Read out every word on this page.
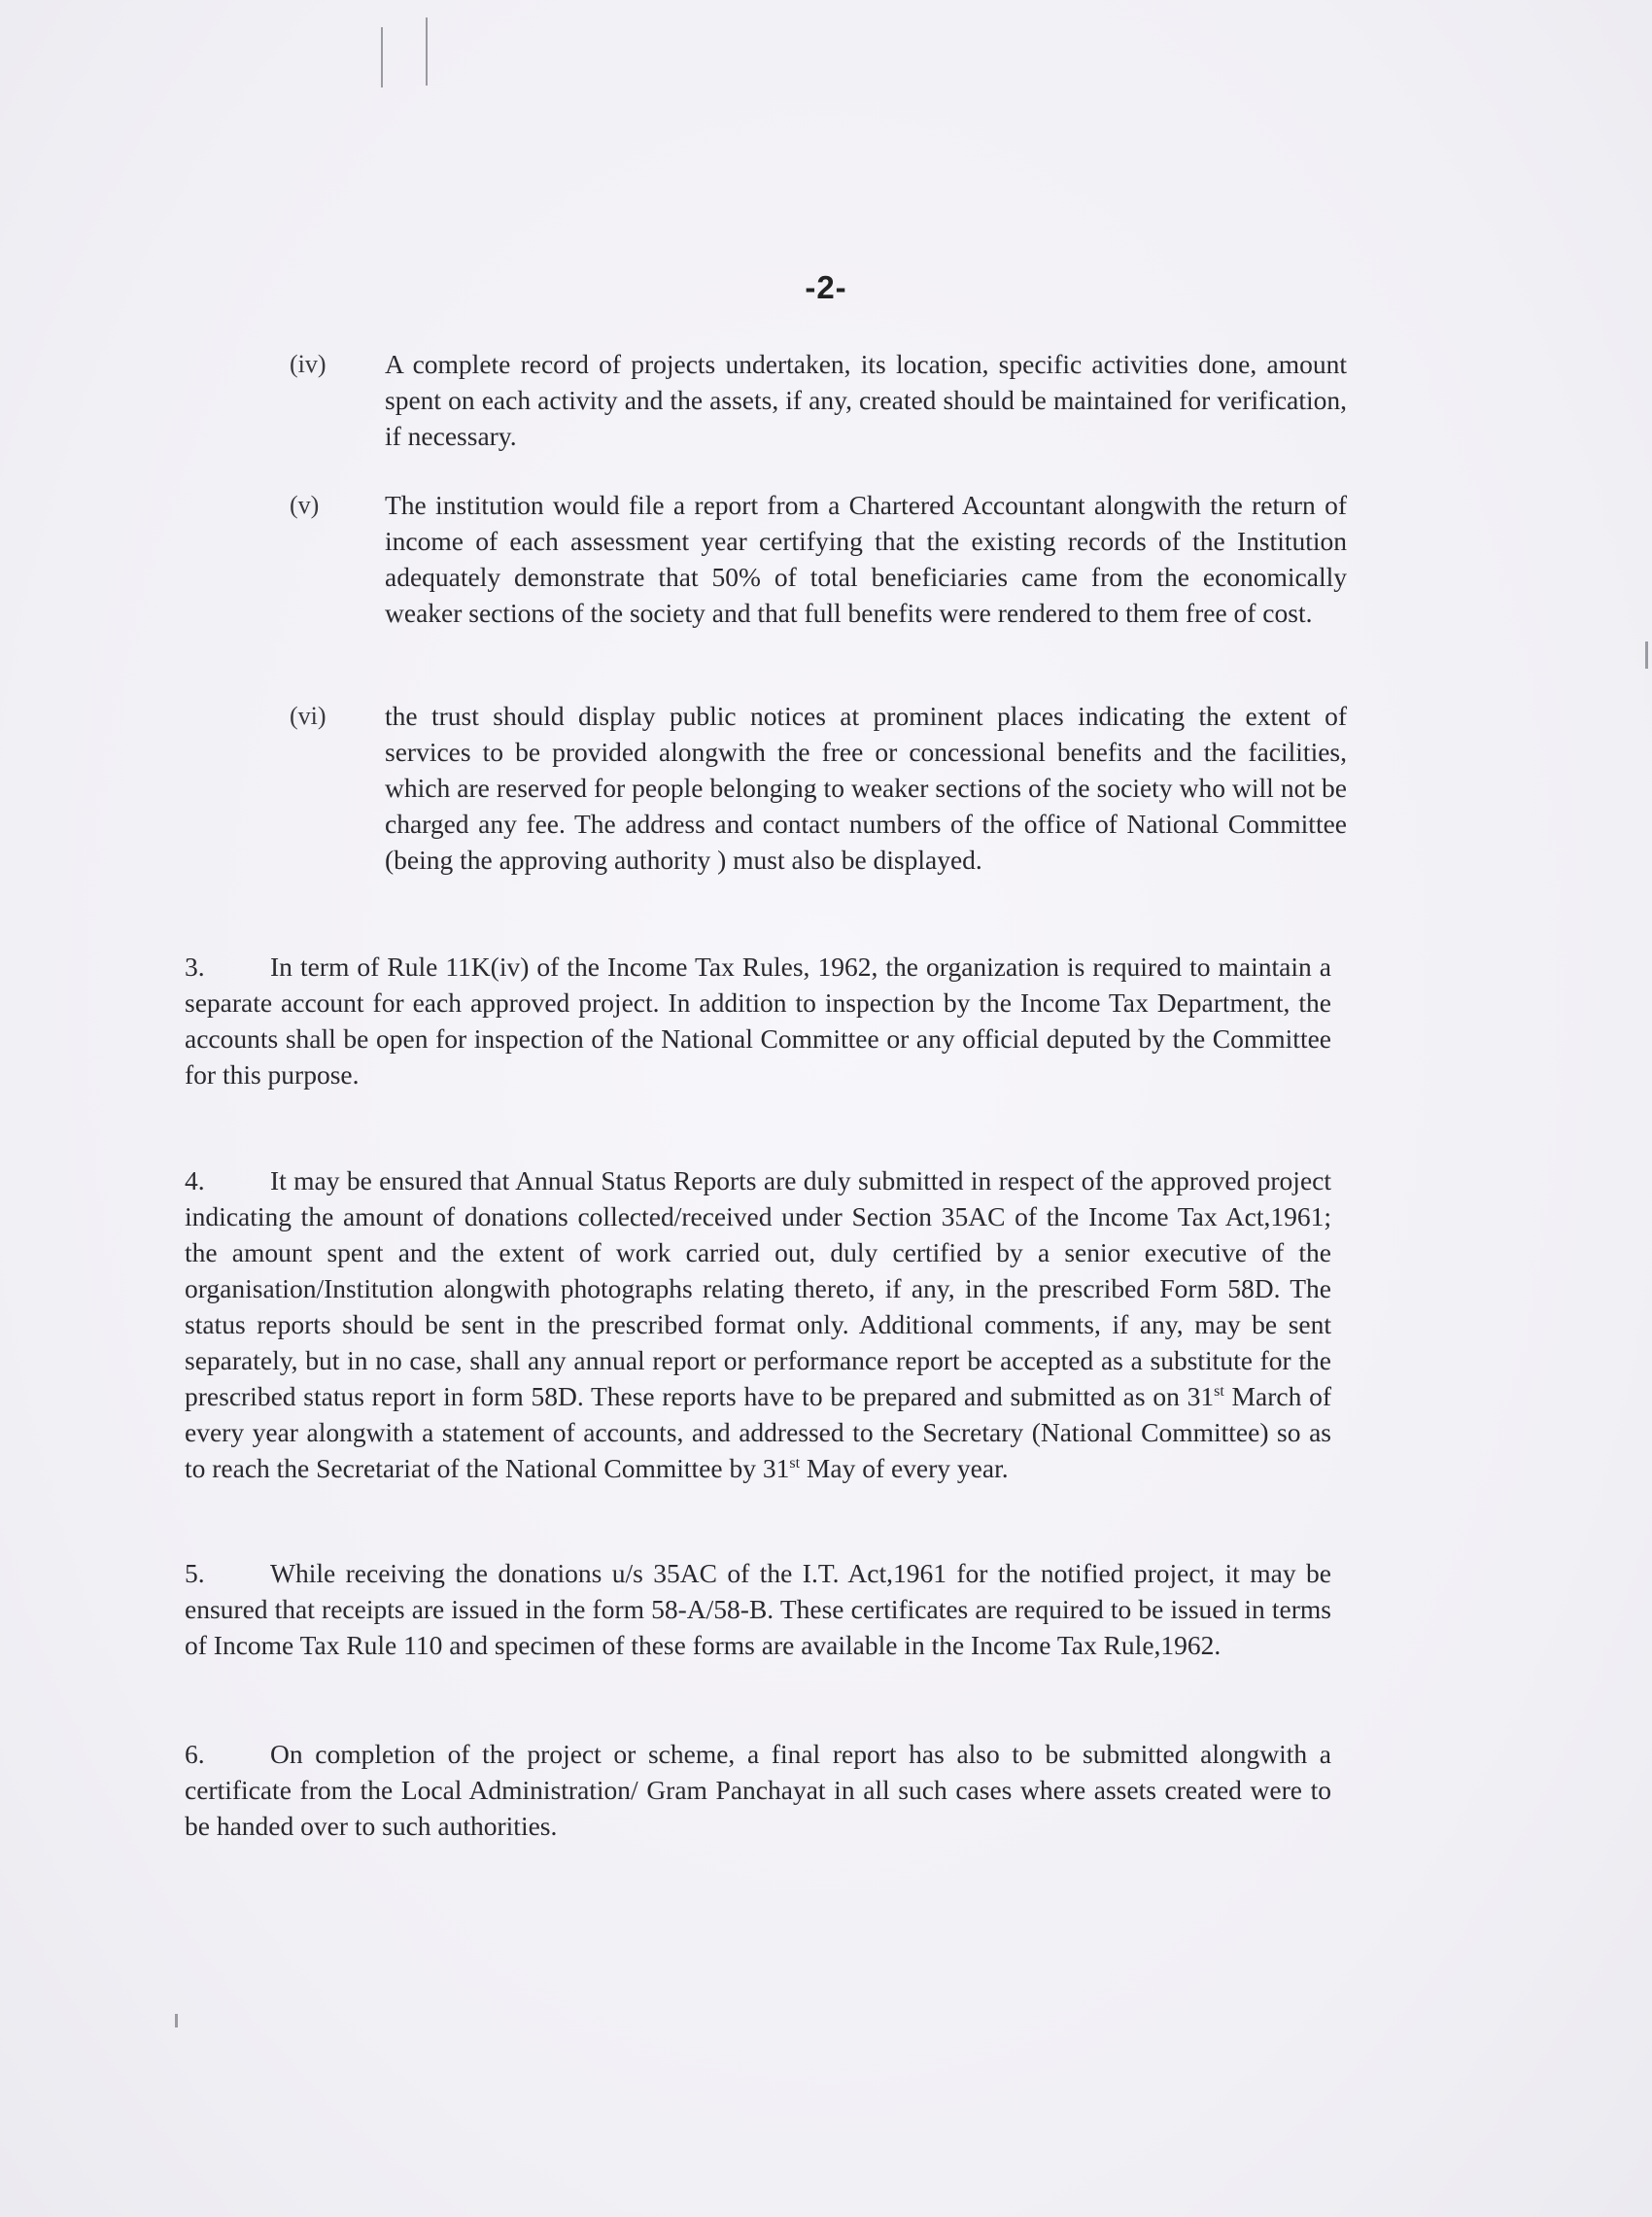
-2-
(iv) A complete record of projects undertaken, its location, specific activities done, amount spent on each activity and the assets, if any, created should be maintained for verification, if necessary.
(v) The institution would file a report from a Chartered Accountant alongwith the return of income of each assessment year certifying that the existing records of the Institution adequately demonstrate that 50% of total beneficiaries came from the economically weaker sections of the society and that full benefits were rendered to them free of cost.
(vi) the trust should display public notices at prominent places indicating the extent of services to be provided alongwith the free or concessional benefits and the facilities, which are reserved for people belonging to weaker sections of the society who will not be charged any fee. The address and contact numbers of the office of National Committee (being the approving authority ) must also be displayed.
3. In term of Rule 11K(iv) of the Income Tax Rules, 1962, the organization is required to maintain a separate account for each approved project. In addition to inspection by the Income Tax Department, the accounts shall be open for inspection of the National Committee or any official deputed by the Committee for this purpose.
4. It may be ensured that Annual Status Reports are duly submitted in respect of the approved project indicating the amount of donations collected/received under Section 35AC of the Income Tax Act,1961; the amount spent and the extent of work carried out, duly certified by a senior executive of the organisation/Institution alongwith photographs relating thereto, if any, in the prescribed Form 58D. The status reports should be sent in the prescribed format only. Additional comments, if any, may be sent separately, but in no case, shall any annual report or performance report be accepted as a substitute for the prescribed status report in form 58D. These reports have to be prepared and submitted as on 31st March of every year alongwith a statement of accounts, and addressed to the Secretary (National Committee) so as to reach the Secretariat of the National Committee by 31st May of every year.
5. While receiving the donations u/s 35AC of the I.T. Act,1961 for the notified project, it may be ensured that receipts are issued in the form 58-A/58-B. These certificates are required to be issued in terms of Income Tax Rule 110 and specimen of these forms are available in the Income Tax Rule,1962.
6. On completion of the project or scheme, a final report has also to be submitted alongwith a certificate from the Local Administration/ Gram Panchayat in all such cases where assets created were to be handed over to such authorities.
